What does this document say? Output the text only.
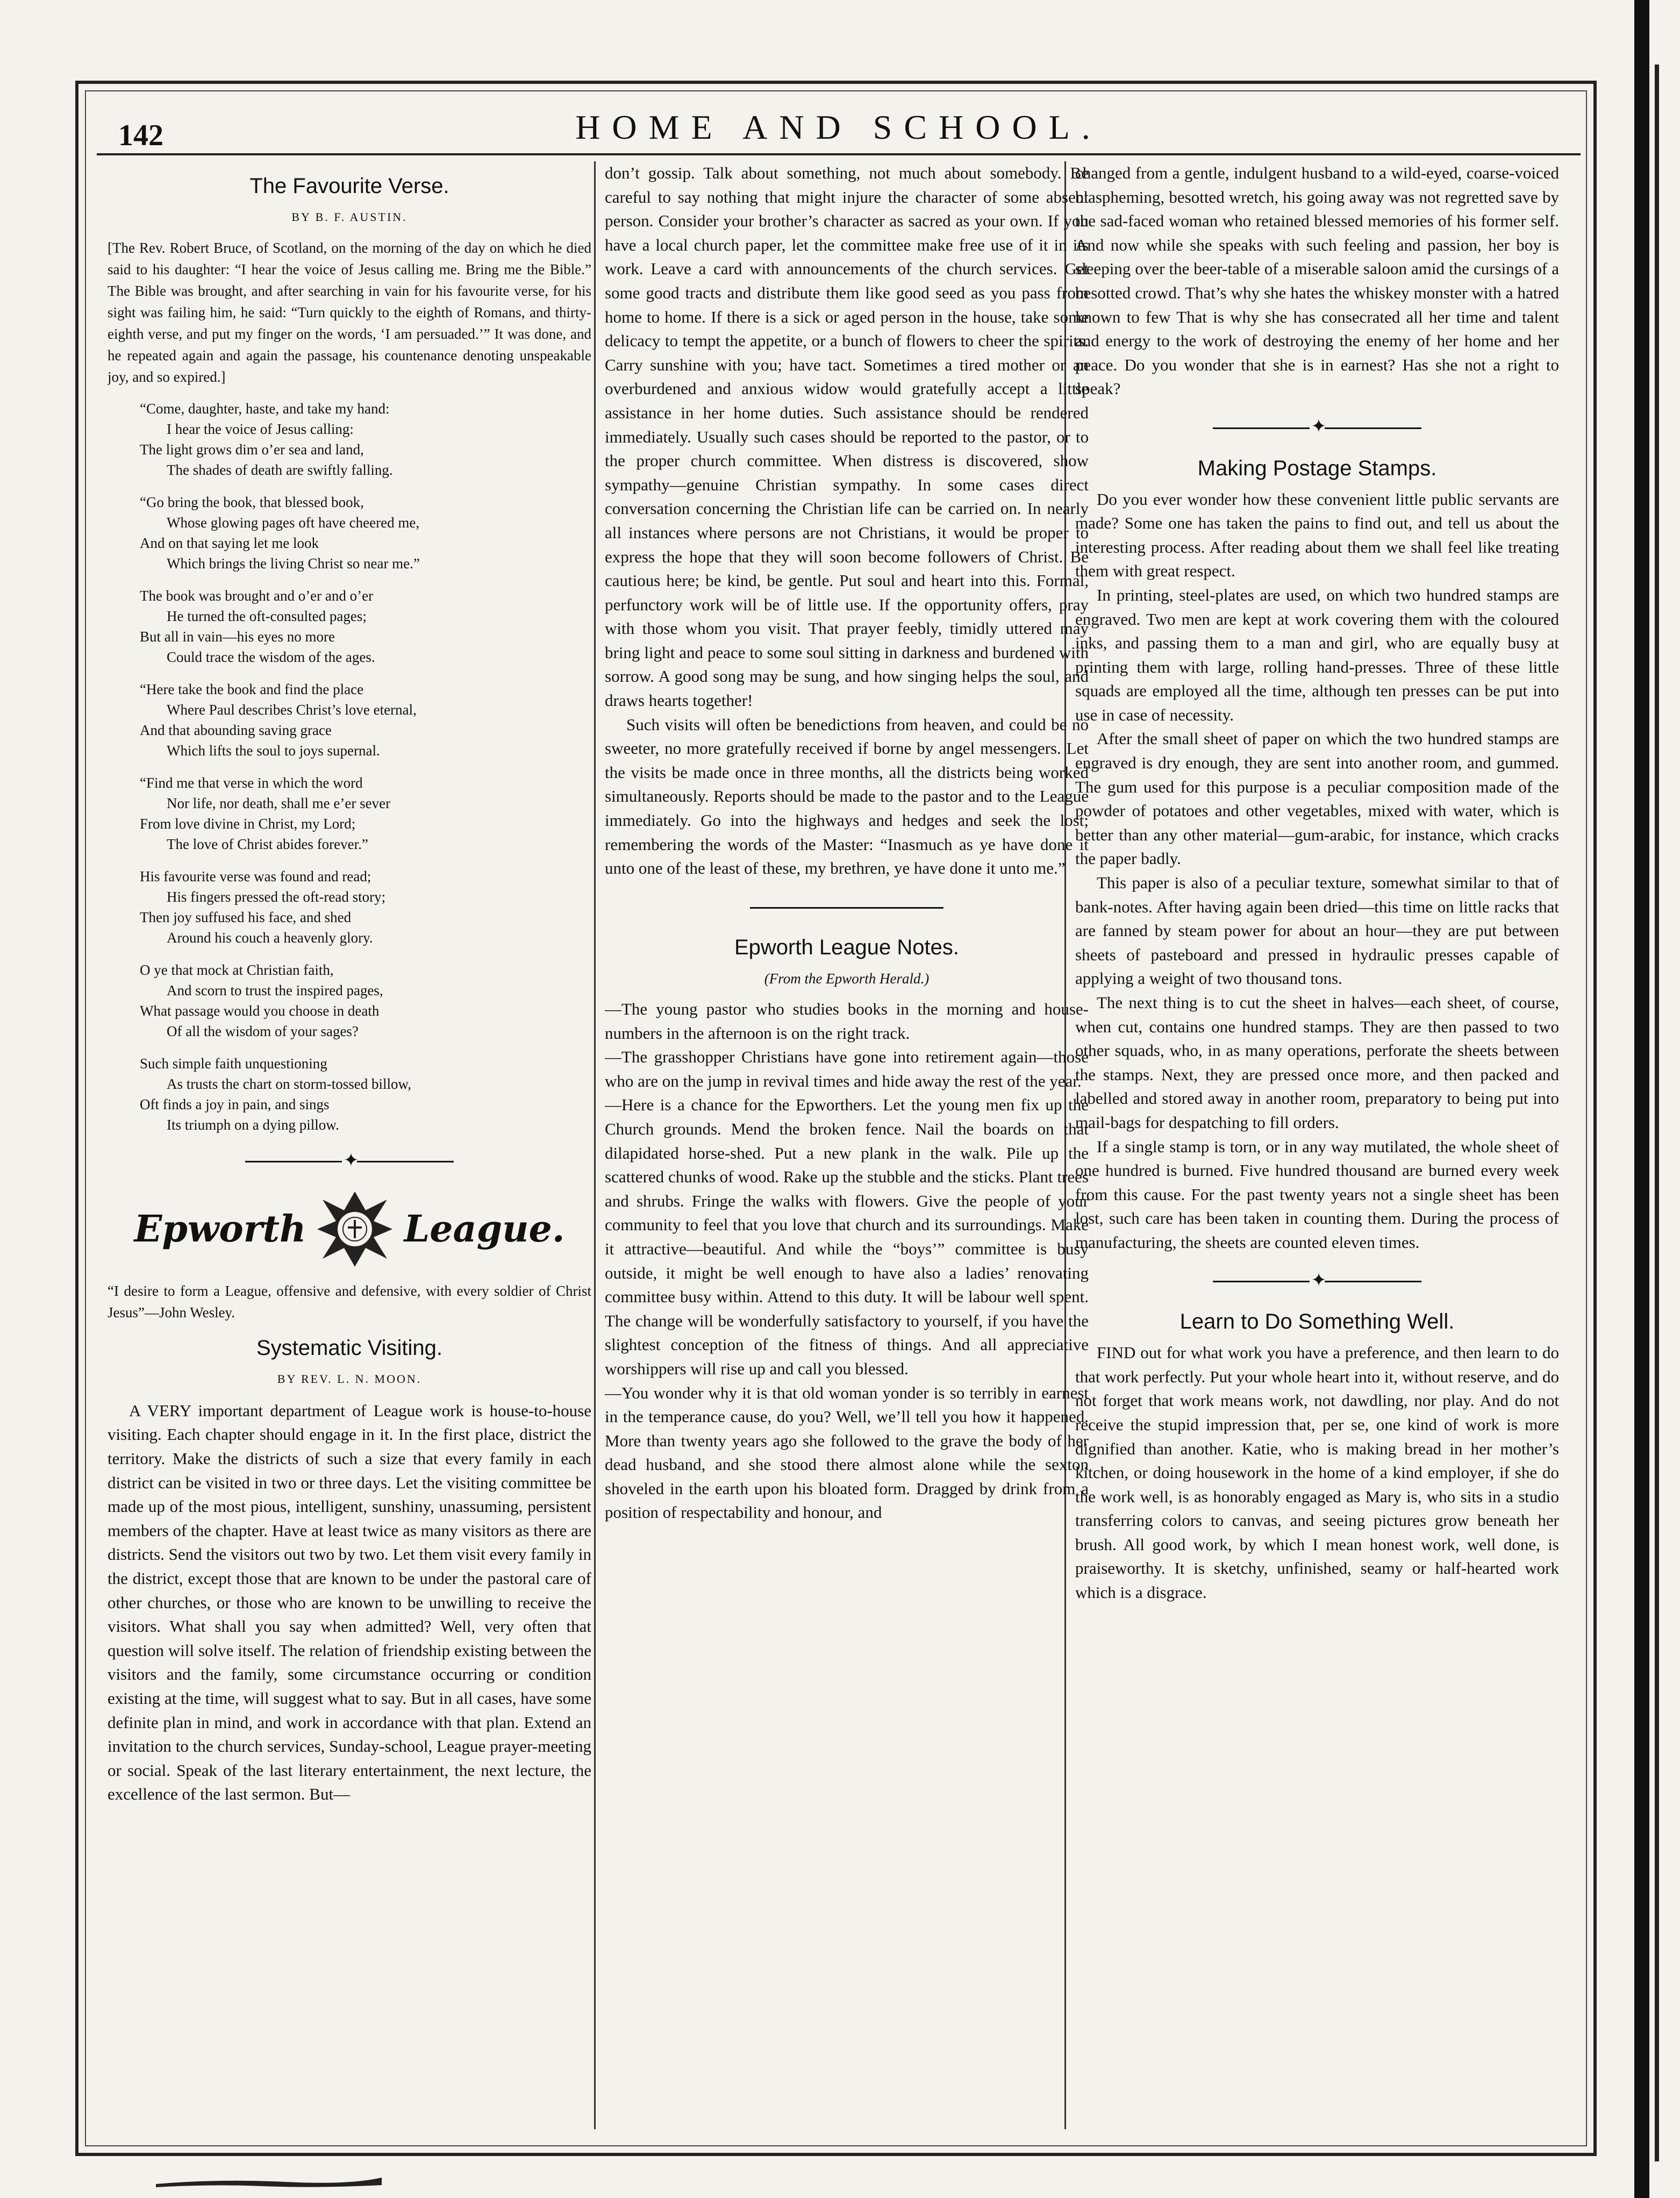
142	HOME AND SCHOOL.
The Favourite Verse.
BY B. F. AUSTIN.
[The Rev. Robert Bruce, of Scotland, on the morning of the day on which he died said to his daughter: “I hear the voice of Jesus calling me. Bring me the Bible.” The Bible was brought, and after searching in vain for his favourite verse, for his sight was failing him, he said: “Turn quickly to the eighth of Romans, and thirty-eighth verse, and put my finger on the words, ‘I am persuaded.’” It was done, and he repeated again and again the passage, his countenance denoting unspeakable joy, and so expired.]
“Come, daughter, haste, and take my hand:
I hear the voice of Jesus calling:
The light grows dim o’er sea and land,
The shades of death are swiftly falling.
“Go bring the book, that blessed book,
Whose glowing pages oft have cheered me,
And on that saying let me look
Which brings the living Christ so near me.”
The book was brought and o’er and o’er
He turned the oft-consulted pages;
But all in vain—his eyes no more
Could trace the wisdom of the ages.
“Here take the book and find the place
Where Paul describes Christ’s love eternal,
And that abounding saving grace
Which lifts the soul to joys supernal.
“Find me that verse in which the word
Nor life, nor death, shall me e’er sever
From love divine in Christ, my Lord;
The love of Christ abides forever.”
His favourite verse was found and read;
His fingers pressed the oft-read story;
Then joy suffused his face, and shed
Around his couch a heavenly glory.
O ye that mock at Christian faith,
And scorn to trust the inspired pages,
What passage would you choose in death
Of all the wisdom of your sages?
Such simple faith unquestioning
As trusts the chart on storm-tossed billow,
Oft finds a joy in pain, and sings
Its triumph on a dying pillow.
✦
Epworth	League.
“I desire to form a League, offensive and defensive, with every soldier of Christ Jesus”—John Wesley.
Systematic Visiting.
BY REV. L. N. MOON.

A VERY important department of League work is house-to-house visiting. Each chapter should engage in it. In the first place, district the territory. Make the districts of such a size that every family in each district can be visited in two or three days. Let the visiting committee be made up of the most pious, intelligent, sunshiny, unassuming, persistent members of the chapter. Have at least twice as many visitors as there are districts. Send the visitors out two by two. Let them visit every family in the district, except those that are known to be under the pastoral care of other churches, or those who are known to be unwilling to receive the visitors. What shall you say when admitted? Well, very often that question will solve itself. The relation of friendship existing between the visitors and the family, some circumstance occurring or condition existing at the time, will suggest what to say. But in all cases, have some definite plan in mind, and work in accordance with that plan. Extend an invitation to the church services, Sunday-school, League prayer-meeting or social. Speak of the last literary entertainment, the next lecture, the excellence of the last sermon. But—

don’t gossip. Talk about something, not much about somebody. Be careful to say nothing that might injure the character of some absent person. Consider your brother’s character as sacred as your own. If you have a local church paper, let the committee make free use of it in its work. Leave a card with announcements of the church services. Get some good tracts and distribute them like good seed as you pass from home to home. If there is a sick or aged person in the house, take some delicacy to tempt the appetite, or a bunch of flowers to cheer the spirits. Carry sunshine with you; have tact. Sometimes a tired mother or an overburdened and anxious widow would gratefully accept a little assistance in her home duties. Such assistance should be rendered immediately. Usually such cases should be reported to the pastor, or to the proper church committee. When distress is discovered, show sympathy—genuine Christian sympathy. In some cases direct conversation concerning the Christian life can be carried on. In nearly all instances where persons are not Christians, it would be proper to express the hope that they will soon become followers of Christ. Be cautious here; be kind, be gentle. Put soul and heart into this. Formal, perfunctory work will be of little use. If the opportunity offers, pray with those whom you visit. That prayer feebly, timidly uttered may bring light and peace to some soul sitting in darkness and burdened with sorrow. A good song may be sung, and how singing helps the soul, and draws hearts together!

Such visits will often be benedictions from heaven, and could be no sweeter, no more gratefully received if borne by angel messengers. Let the visits be made once in three months, all the districts being worked simultaneously. Reports should be made to the pastor and to the League immediately. Go into the highways and hedges and seek the lost; remembering the words of the Master: “Inasmuch as ye have done it unto one of the least of these, my brethren, ye have done it unto me.”

Epworth League Notes.
(From the Epworth Herald.)

—The young pastor who studies books in the morning and house-numbers in the afternoon is on the right track.

—The grasshopper Christians have gone into retirement again—those who are on the jump in revival times and hide away the rest of the year.

—Here is a chance for the Epworthers. Let the young men fix up the Church grounds. Mend the broken fence. Nail the boards on that dilapidated horse-shed. Put a new plank in the walk. Pile up the scattered chunks of wood. Rake up the stubble and the sticks. Plant trees and shrubs. Fringe the walks with flowers. Give the people of your community to feel that you love that church and its surroundings. Make it attractive—beautiful. And while the “boys’” committee is busy outside, it might be well enough to have also a ladies’ renovating committee busy within. Attend to this duty. It will be labour well spent. The change will be wonderfully satisfactory to yourself, if you have the slightest conception of the fitness of things. And all appreciative worshippers will rise up and call you blessed.

—You wonder why it is that old woman yonder is so terribly in earnest in the temperance cause, do you? Well, we’ll tell you how it happened. More than twenty years ago she followed to the grave the body of her dead husband, and she stood there almost alone while the sexton shoveled in the earth upon his bloated form. Dragged by drink from a position of respectability and honour, and

changed from a gentle, indulgent husband to a wild-eyed, coarse-voiced blaspheming, besotted wretch, his going away was not regretted save by the sad-faced woman who retained blessed memories of his former self. And now while she speaks with such feeling and passion, her boy is sleeping over the beer-table of a miserable saloon amid the cursings of a besotted crowd. That’s why she hates the whiskey monster with a hatred known to few That is why she has consecrated all her time and talent and energy to the work of destroying the enemy of her home and her peace. Do you wonder that she is in earnest? Has she not a right to speak?

✦
Making Postage Stamps.

Do you ever wonder how these convenient little public servants are made? Some one has taken the pains to find out, and tell us about the interesting process. After reading about them we shall feel like treating them with great respect.

In printing, steel-plates are used, on which two hundred stamps are engraved. Two men are kept at work covering them with the coloured inks, and passing them to a man and girl, who are equally busy at printing them with large, rolling hand-presses. Three of these little squads are employed all the time, although ten presses can be put into use in case of necessity.

After the small sheet of paper on which the two hundred stamps are engraved is dry enough, they are sent into another room, and gummed. The gum used for this purpose is a peculiar composition made of the powder of potatoes and other vegetables, mixed with water, which is better than any other material—gum-arabic, for instance, which cracks the paper badly.

This paper is also of a peculiar texture, somewhat similar to that of bank-notes. After having again been dried—this time on little racks that are fanned by steam power for about an hour—they are put between sheets of pasteboard and pressed in hydraulic presses capable of applying a weight of two thousand tons.

The next thing is to cut the sheet in halves—each sheet, of course, when cut, contains one hundred stamps. They are then passed to two other squads, who, in as many operations, perforate the sheets between the stamps. Next, they are pressed once more, and then packed and labelled and stored away in another room, preparatory to being put into mail-bags for despatching to fill orders.

If a single stamp is torn, or in any way mutilated, the whole sheet of one hundred is burned. Five hundred thousand are burned every week from this cause. For the past twenty years not a single sheet has been lost, such care has been taken in counting them. During the process of manufacturing, the sheets are counted eleven times.

✦
Learn to Do Something Well.

FIND out for what work you have a preference, and then learn to do that work perfectly. Put your whole heart into it, without reserve, and do not forget that work means work, not dawdling, nor play. And do not receive the stupid impression that, per se, one kind of work is more dignified than another. Katie, who is making bread in her mother’s kitchen, or doing housework in the home of a kind employer, if she do the work well, is as honorably engaged as Mary is, who sits in a studio transferring colors to canvas, and seeing pictures grow beneath her brush. All good work, by which I mean honest work, well done, is praiseworthy. It is sketchy, unfinished, seamy or half-hearted work which is a disgrace.
